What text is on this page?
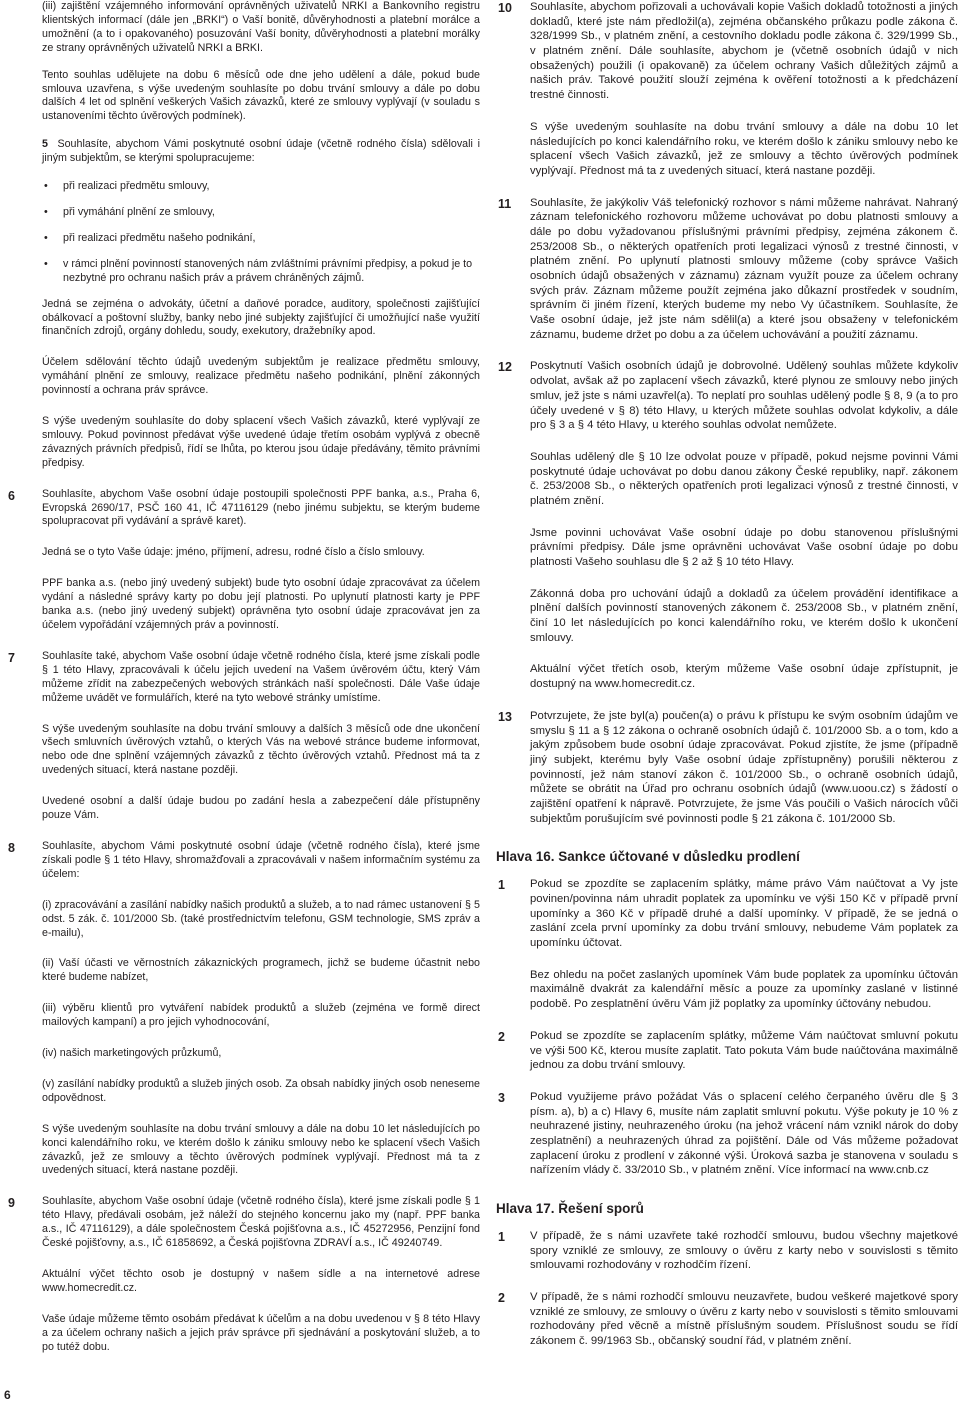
(iii) zajištění vzájemného informování oprávněných uživatelů NRKI a Bankovního registru klientských informací (dále jen „BRKI“) o Vaší bonitě, důvěryhodnosti a platební morálce a umožnění (a to i opakovaného) posuzování Vaší bonity, důvěryhodnosti a platební morálky ze strany oprávněných uživatelů NRKI a BRKI.

Tento souhlas udělujete na dobu 6 měsíců ode dne jeho udělení a dále, pokud bude smlouva uzavřena, s výše uvedeným souhlasíte po dobu trvání smlouvy a dále po dobu dalších 4 let od splnění veškerých Vašich závazků, které ze smlouvy vyplývají (v souladu s ustanoveními těchto úvěrových podmínek).

5 Souhlasíte, abychom Vámi poskytnuté osobní údaje (včetně rodného čísla) sdělovali i jiným subjektům, se kterými spolupracujeme:

• při realizaci předmětu smlouvy,
• při vymáhání plnění ze smlouvy,
• při realizaci předmětu našeho podnikání,
• v rámci plnění povinností stanovených nám zvláštními právními předpisy, a pokud je to nezbytné pro ochranu našich práv a právem chráněných zájmů.

Jedná se zejména o advokáty, účetní a daňové poradce, auditory, společnosti zajišťující obálkovací a poštovní služby, banky nebo jiné subjekty zajišťující či umožňující naše využití finančních zdrojů, orgány dohledu, soudy, exekutory, dražebníky apod.

Účelem sdělování těchto údajů uvedeným subjektům je realizace předmětu smlouvy, vymáhání plnění ze smlouvy, realizace předmětu našeho podnikání, plnění zákonných povinností a ochrana práv správce.

S výše uvedeným souhlasíte do doby splacení všech Vašich závazků, které vyplývají ze smlouvy. Pokud povinnost předávat výše uvedené údaje třetím osobám vyplývá z obecně závazných právních předpisů, řídí se lhůta, po kterou jsou údaje předávány, těmito právními předpisy.

6	Souhlasíte, abychom Vaše osobní údaje postoupili společnosti PPF banka, a.s., Praha 6, Evropská 2690/17, PSČ 160 41, IČ 47116129 (nebo jinému subjektu, se kterým budeme spolupracovat při vydávání a správě karet).

Jedná se o tyto Vaše údaje: jméno, příjmení, adresu, rodné číslo a číslo smlouvy.

PPF banka a.s. (nebo jiný uvedený subjekt) bude tyto osobní údaje zpracovávat za účelem vydání a následné správy karty po dobu její platnosti. Po uplynutí platnosti karty je PPF banka a.s. (nebo jiný uvedený subjekt) oprávněna tyto osobní údaje zpracovávat jen za účelem vypořádání vzájemných práv a povinností.

7	Souhlasíte také, abychom Vaše osobní údaje včetně rodného čísla, které jsme získali podle § 1 této Hlavy, zpracovávali k účelu jejich uvedení na Vašem úvěrovém účtu, který Vám můžeme zřídit na zabezpečených webových stránkách naší společnosti. Dále Vaše údaje můžeme uvádět ve formulářích, které na tyto webové stránky umístíme.

S výše uvedeným souhlasíte na dobu trvání smlouvy a dalších 3 měsíců ode dne ukončení všech smluvních úvěrových vztahů, o kterých Vás na webové stránce budeme informovat, nebo ode dne splnění vzájemných závazků z těchto úvěrových vztahů. Přednost má ta z uvedených situací, která nastane později.

Uvedené osobní a další údaje budou po zadání hesla a zabezpečení dále přístupněny pouze Vám.

8	Souhlasíte, abychom Vámi poskytnuté osobní údaje (včetně rodného čísla), které jsme získali podle § 1 této Hlavy, shromažďovali a zpracovávali v našem informačním systému za účelem:

(i) zpracovávání a zasílání nabídky našich produktů a služeb, a to nad rámec ustanovení § 5 odst. 5 zák. č. 101/2000 Sb. (také prostřednictvím telefonu, GSM technologie, SMS zpráv a e-mailu),

(ii) Vaší účasti ve věrnostních zákaznických programech, jichž se budeme účastnit nebo které budeme nabízet,

(iii) výběru klientů pro vytváření nabídek produktů a služeb (zejména ve formě direct mailových kampaní) a pro jejich vyhodnocování,

(iv) našich marketingových průzkumů,

(v) zasílání nabídky produktů a služeb jiných osob. Za obsah nabídky jiných osob neneseme odpovědnost.

S výše uvedeným souhlasíte na dobu trvání smlouvy a dále na dobu 10 let následujících po konci kalendářního roku, ve kterém došlo k zániku smlouvy nebo ke splacení všech Vašich závazků, jež ze smlouvy a těchto úvěrových podmínek vyplývají. Přednost má ta z uvedených situací, která nastane později.

9	Souhlasíte, abychom Vaše osobní údaje (včetně rodného čísla), které jsme získali podle § 1 této Hlavy, předávali osobám, jež náleží do stejného koncernu jako my (např. PPF banka a.s., IČ 47116129), a dále společnostem Česká pojišťovna a.s., IČ 45272956, Penzijní fond České pojišťovny, a.s., IČ 61858692, a Česká pojišťovna ZDRAVÍ a.s., IČ 49240749.

Aktuální výčet těchto osob je dostupný v našem sídle a na internetové adrese www.homecredit.cz.

Vaše údaje můžeme těmto osobám předávat k účelům a na dobu uvedenou v § 8 této Hlavy a za účelem ochrany našich a jejich práv správce při sjednávání a poskytování služeb, a to po tutéž dobu.

10 Souhlasíte, abychom pořizovali a uchovávali kopie Vašich dokladů totožnosti a jiných dokladů, které jste nám předložil(a), zejména občanského průkazu podle zákona č. 328/1999 Sb., v platném znění, a cestovního dokladu podle zákona č. 329/1999 Sb., v platném znění. Dále souhlasíte, abychom je (včetně osobních údajů v nich obsažených) použili (i opakovaně) za účelem ochrany Vašich důležitých zájmů a našich práv. Takové použití slouží zejména k ověření totožnosti a k předcházení trestné činnosti.

S výše uvedeným souhlasíte na dobu trvání smlouvy a dále na dobu 10 let následujících po konci kalendářního roku, ve kterém došlo k zániku smlouvy nebo ke splacení všech Vašich závazků, jež ze smlouvy a těchto úvěrových podmínek vyplývají. Přednost má ta z uvedených situací, která nastane později.

11 Souhlasíte, že jakýkoliv Váš telefonický rozhovor s námi můžeme nahrávat. Nahraný záznam telefonického rozhovoru můžeme uchovávat po dobu platnosti smlouvy a dále po dobu vyžadovanou příslušnými právními předpisy, zejména zákonem č. 253/2008 Sb., o některých opatřeních proti legalizaci výnosů z trestné činnosti, v platném znění. Po uplynutí platnosti smlouvy můžeme (coby správce Vašich osobních údajů obsažených v záznamu) záznam využít pouze za účelem ochrany svých práv. Záznam můžeme použít zejména jako důkazní prostředek v soudním, správním či jiném řízení, kterých budeme my nebo Vy účastníkem. Souhlasíte, že Vaše osobní údaje, jež jste nám sdělil(a) a které jsou obsaženy v telefonickém záznamu, budeme držet po dobu a za účelem uchovávání a použití záznamu.

12 Poskytnutí Vašich osobních údajů je dobrovolné. Udělený souhlas můžete kdykoliv odvolat, avšak až po zaplacení všech závazků, které plynou ze smlouvy nebo jiných smluv, jež jste s námi uzavřel(a). To neplatí pro souhlas udělený podle § 8, 9 (a to pro účely uvedené v § 8) této Hlavy, u kterých můžete souhlas odvolat kdykoliv, a dále pro § 3 a § 4 této Hlavy, u kterého souhlas odvolat nemůžete.

Souhlas udělený dle § 10 lze odvolat pouze v případě, pokud nejsme povinni Vámi poskytnuté údaje uchovávat po dobu danou zákony České republiky, např. zákonem č. 253/2008 Sb., o některých opatřeních proti legalizaci výnosů z trestné činnosti, v platném znění.

Jsme povinni uchovávat Vaše osobní údaje po dobu stanovenou příslušnými právními předpisy. Dále jsme oprávněni uchovávat Vaše osobní údaje po dobu platnosti Vašeho souhlasu dle § 2 až § 10 této Hlavy.

Zákonná doba pro uchování údajů a dokladů za účelem provádění identifikace a plnění dalších povinností stanovených zákonem č. 253/2008 Sb., v platném znění, činí 10 let následujících po konci kalendářního roku, ve kterém došlo k ukončení smlouvy.

Aktuální výčet třetích osob, kterým můžeme Vaše osobní údaje zpřístupnit, je dostupný na www.homecredit.cz.

13 Potvrzujete, že jste byl(a) poučen(a) o právu k přístupu ke svým osobním údajům ve smyslu § 11 a § 12 zákona o ochraně osobních údajů č. 101/2000 Sb. a o tom, kdo a jakým způsobem bude osobní údaje zpracovávat. Pokud zjistíte, že jsme (případně jiný subjekt, kterému byly Vaše osobní údaje zpřístupněny) porušili některou z povinností, jež nám stanoví zákon č. 101/2000 Sb., o ochraně osobních údajů, můžete se obrátit na Úřad pro ochranu osobních údajů (www.uoou.cz) s žádostí o zajištění opatření k nápravě. Potvrzujete, že jsme Vás poučili o Vašich nárocích vůči subjektům porušujícím své povinnosti podle § 21 zákona č. 101/2000 Sb.

Hlava 16. Sankce účtované v důsledku prodlení
1 Pokud se zpozdíte se zaplacením splátky, máme právo Vám naúčtovat a Vy jste povinen/povinna nám uhradit poplatek za upomínku ve výši 150 Kč v případě první upomínky a 360 Kč v případě druhé a další upomínky. V případě, že se jedná o zaslání zcela první upomínky za dobu trvání smlouvy, nebudeme Vám poplatek za upomínku účtovat.

Bez ohledu na počet zaslaných upomínek Vám bude poplatek za upomínku účtován maximálně dvakrát za kalendářní měsíc a pouze za upomínky zaslané v listinné podobě. Po zesplatnění úvěru Vám již poplatky za upomínky účtovány nebudou.

2 Pokud se zpozdíte se zaplacením splátky, můžeme Vám naúčtovat smluvní pokutu ve výši 500 Kč, kterou musíte zaplatit. Tato pokuta Vám bude naúčtována maximálně jednou za dobu trvání smlouvy.

3 Pokud využijeme právo požádat Vás o splacení celého čerpaného úvěru dle § 3 písm. a), b) a c) Hlavy 6, musíte nám zaplatit smluvní pokutu. Výše pokuty je 10 % z neuhrazené jistiny, neuhrazeného úroku (na jehož vrácení nám vznikl nárok do doby zesplatnění) a neuhrazených úhrad za pojištění. Dále od Vás můžeme požadovat zaplacení úroku z prodlení v zákonné výši. Úroková sazba je stanovena v souladu s nařízením vlády č. 33/2010 Sb., v platném znění. Více informací na www.cnb.cz

Hlava 17. Řešení sporů
1 V případě, že s námi uzavřete také rozhodčí smlouvu, budou všechny majetkové spory vzniklé ze smlouvy, ze smlouvy o úvěru z karty nebo v souvislosti s těmito smlouvami rozhodovány v rozhodčím řízení.

2 V případě, že s námi rozhodčí smlouvu neuzavřete, budou veškeré majetkové spory vzniklé ze smlouvy, ze smlouvy o úvěru z karty nebo v souvislosti s těmito smlouvami rozhodovány před věcně a místně příslušným soudem. Příslušnost soudu se řídí zákonem č. 99/1963 Sb., občanský soudní řád, v platném znění.

6
